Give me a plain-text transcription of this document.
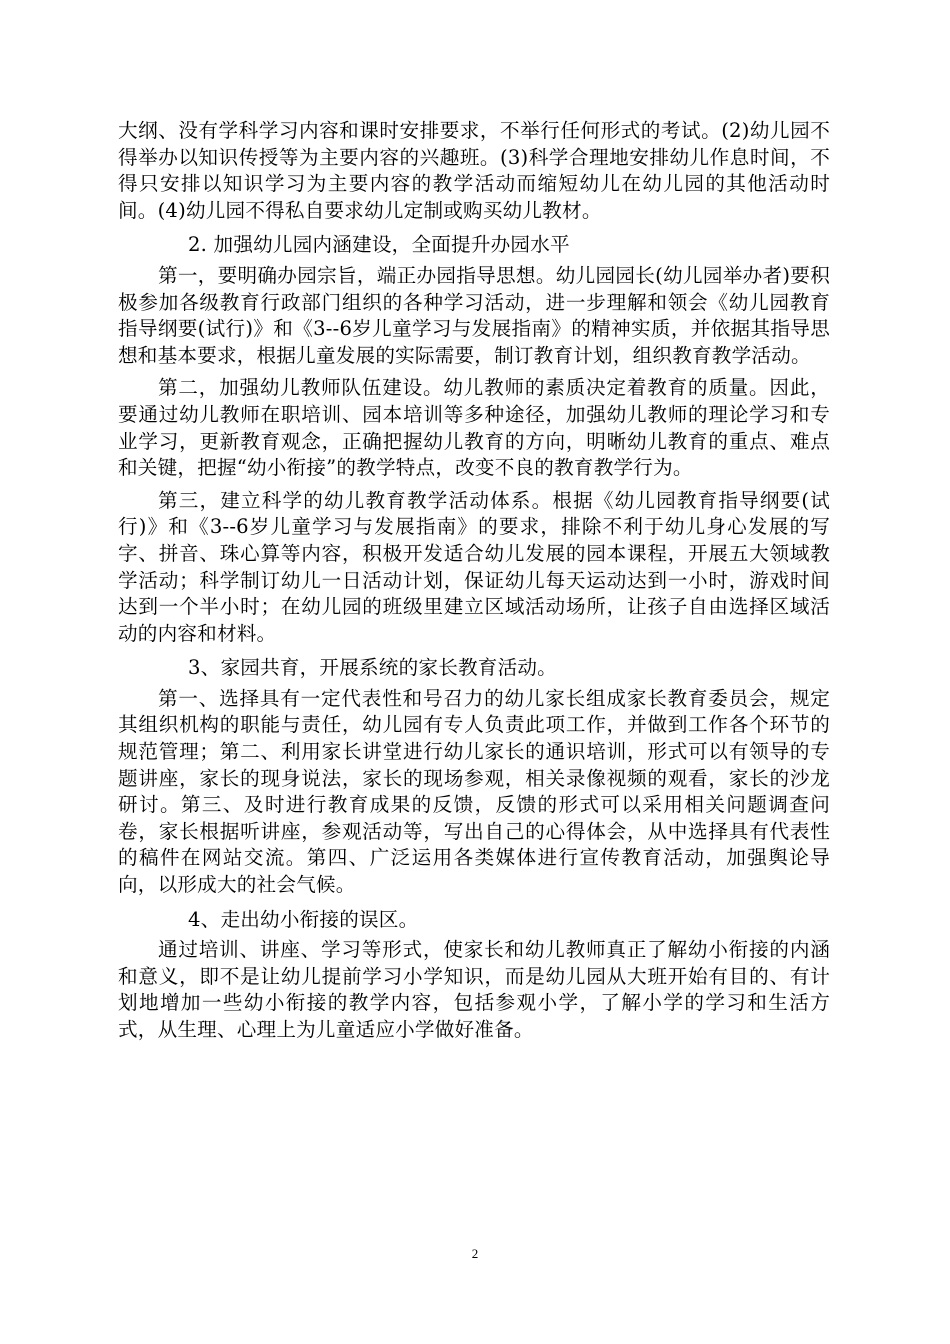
大纲、没有学科学习内容和课时安排要求，不举行任何形式的考试。(2)幼儿园不得举办以知识传授等为主要内容的兴趣班。(3)科学合理地安排幼儿作息时间，不得只安排以知识学习为主要内容的教学活动而缩短幼儿在幼儿园的其他活动时间。(4)幼儿园不得私自要求幼儿定制或购买幼儿教材。

2. 加强幼儿园内涵建设，全面提升办园水平

第一，要明确办园宗旨，端正办园指导思想。幼儿园园长(幼儿园举办者)要积极参加各级教育行政部门组织的各种学习活动，进一步理解和领会《幼儿园教育指导纲要(试行)》和《3--6岁儿童学习与发展指南》的精神实质，并依据其指导思想和基本要求，根据儿童发展的实际需要，制订教育计划，组织教育教学活动。

第二，加强幼儿教师队伍建设。幼儿教师的素质决定着教育的质量。因此，要通过幼儿教师在职培训、园本培训等多种途径，加强幼儿教师的理论学习和专业学习，更新教育观念，正确把握幼儿教育的方向，明晰幼儿教育的重点、难点和关键，把握“幼小衔接”的教学特点，改变不良的教育教学行为。

第三，建立科学的幼儿教育教学活动体系。根据《幼儿园教育指导纲要(试行)》和《3--6岁儿童学习与发展指南》的要求，排除不利于幼儿身心发展的写字、拼音、珠心算等内容，积极开发适合幼儿发展的园本课程，开展五大领域教学活动；科学制订幼儿一日活动计划，保证幼儿每天运动达到一小时，游戏时间达到一个半小时；在幼儿园的班级里建立区域活动场所，让孩子自由选择区域活动的内容和材料。

3、家园共育，开展系统的家长教育活动。

第一、选择具有一定代表性和号召力的幼儿家长组成家长教育委员会，规定其组织机构的职能与责任，幼儿园有专人负责此项工作，并做到工作各个环节的规范管理；第二、利用家长讲堂进行幼儿家长的通识培训，形式可以有领导的专题讲座，家长的现身说法，家长的现场参观，相关录像视频的观看，家长的沙龙研讨。第三、及时进行教育成果的反馈，反馈的形式可以采用相关问题调查问卷，家长根据听讲座，参观活动等，写出自己的心得体会，从中选择具有代表性的稿件在网站交流。第四、广泛运用各类媒体进行宣传教育活动，加强舆论导向，以形成大的社会气候。

4、走出幼小衔接的误区。

通过培训、讲座、学习等形式，使家长和幼儿教师真正了解幼小衔接的内涵和意义，即不是让幼儿提前学习小学知识，而是幼儿园从大班开始有目的、有计划地增加一些幼小衔接的教学内容，包括参观小学，了解小学的学习和生活方式，从生理、心理上为儿童适应小学做好准备。

2
